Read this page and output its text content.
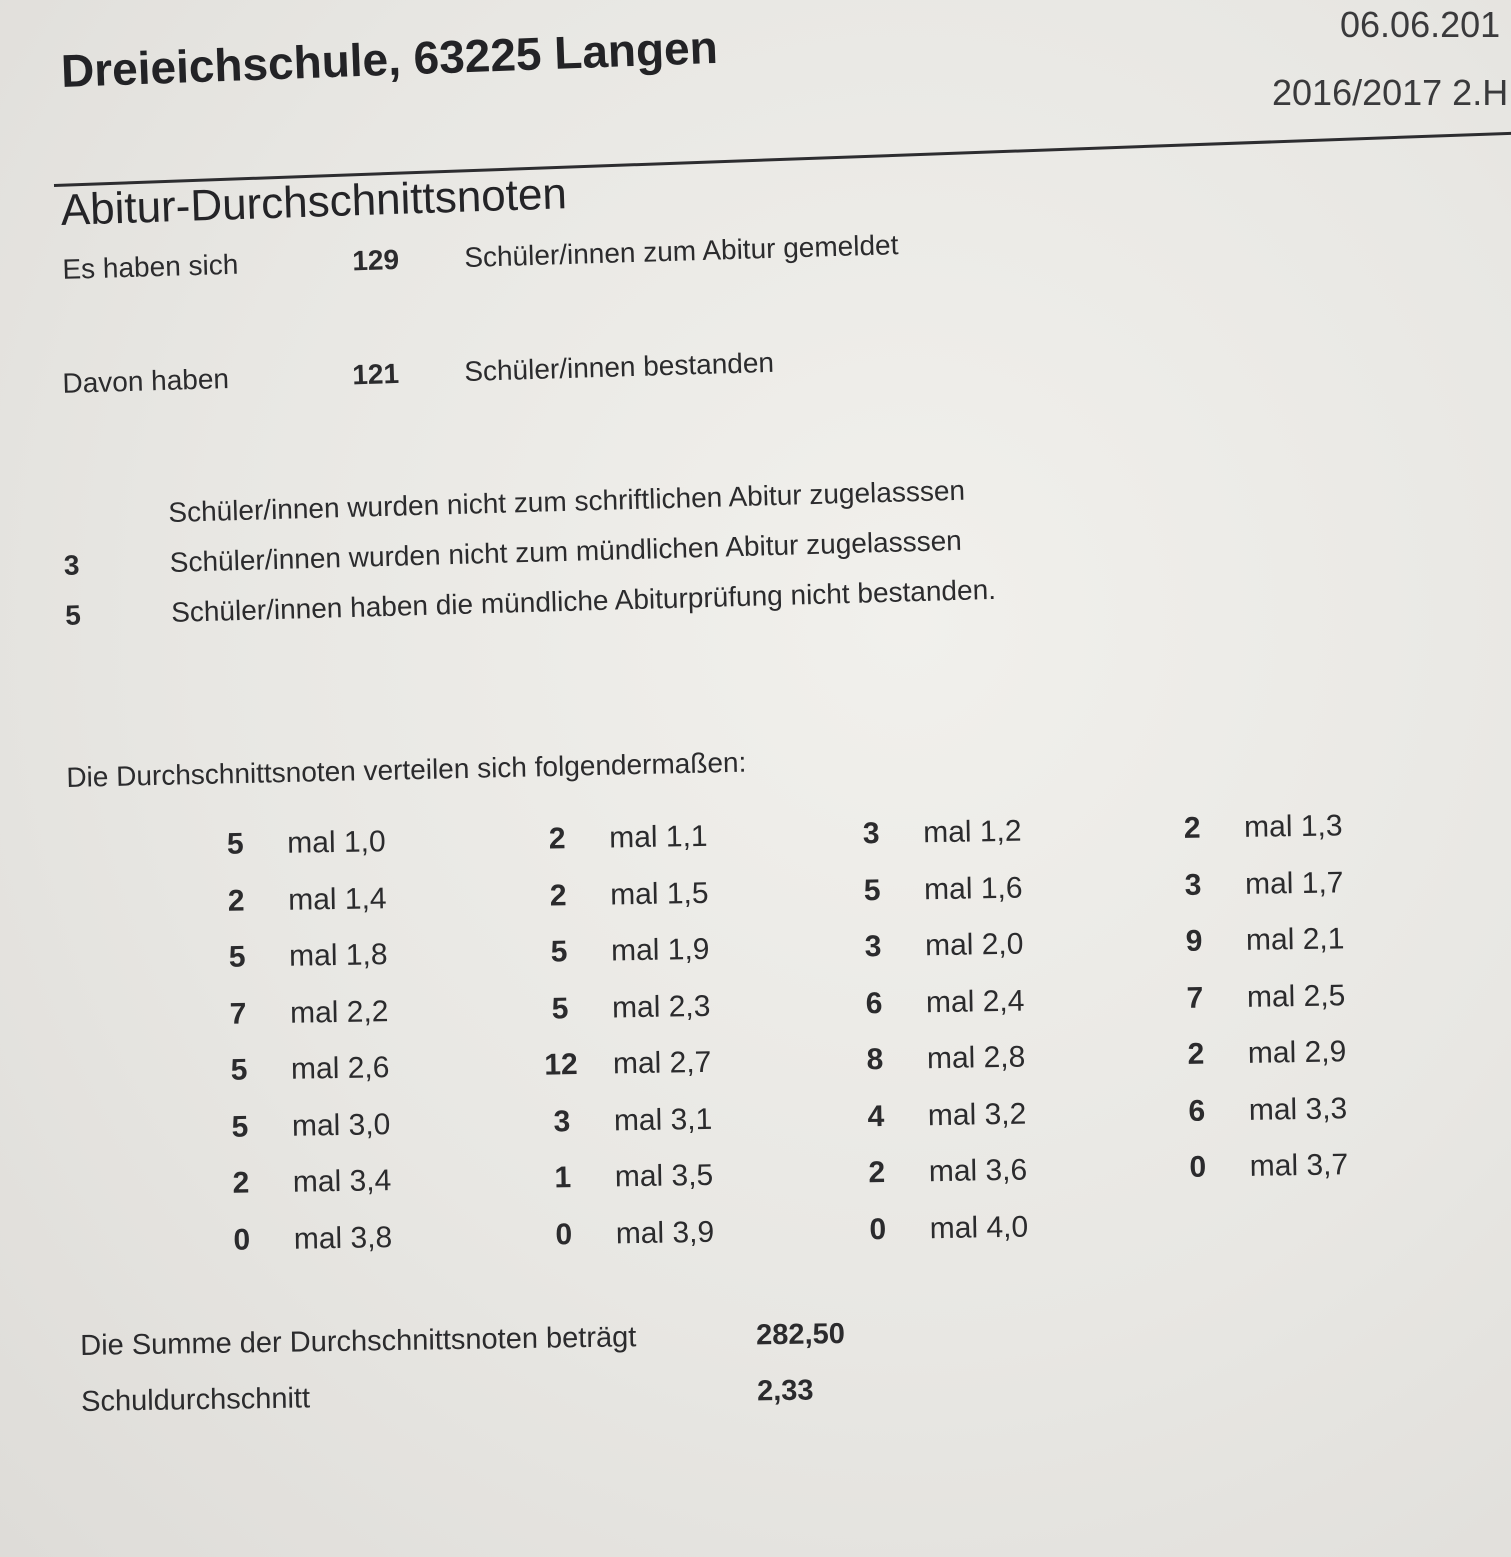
Dreieichschule, 63225 Langen	06.06.201
2016/2017 2.H
Abitur-Durchschnittsnoten
Es haben sich	129 Schüler/innen zum Abitur gemeldet
Davon haben	121 Schüler/innen bestanden
Schüler/innen wurden nicht zum schriftlichen Abitur zugelasssen
3	Schüler/innen wurden nicht zum mündlichen Abitur zugelasssen
5	Schüler/innen haben die mündliche Abiturprüfung nicht bestanden.
Die Durchschnittsnoten verteilen sich folgendermaßen:
5	mal 1,0	2	mal 1,1	3	mal 1,2	2	mal 1,3
2	mal 1,4	2	mal 1,5	5	mal 1,6	3	mal 1,7
5	mal 1,8	5	mal 1,9	3	mal 2,0	9	mal 2,1
7	mal 2,2	5	mal 2,3	6	mal 2,4	7	mal 2,5
5	mal 2,6	12 mal 2,7	8	mal 2,8	2	mal 2,9
5	mal 3,0	3	mal 3,1	4	mal 3,2	6	mal 3,3
2	mal 3,4	1	mal 3,5	2	mal 3,6	0	mal 3,7
0	mal 3,8	0	mal 3,9	0	mal 4,0
Die Summe der Durchschnittsnoten beträgt	282,50
Schuldurchschnitt	2,33
